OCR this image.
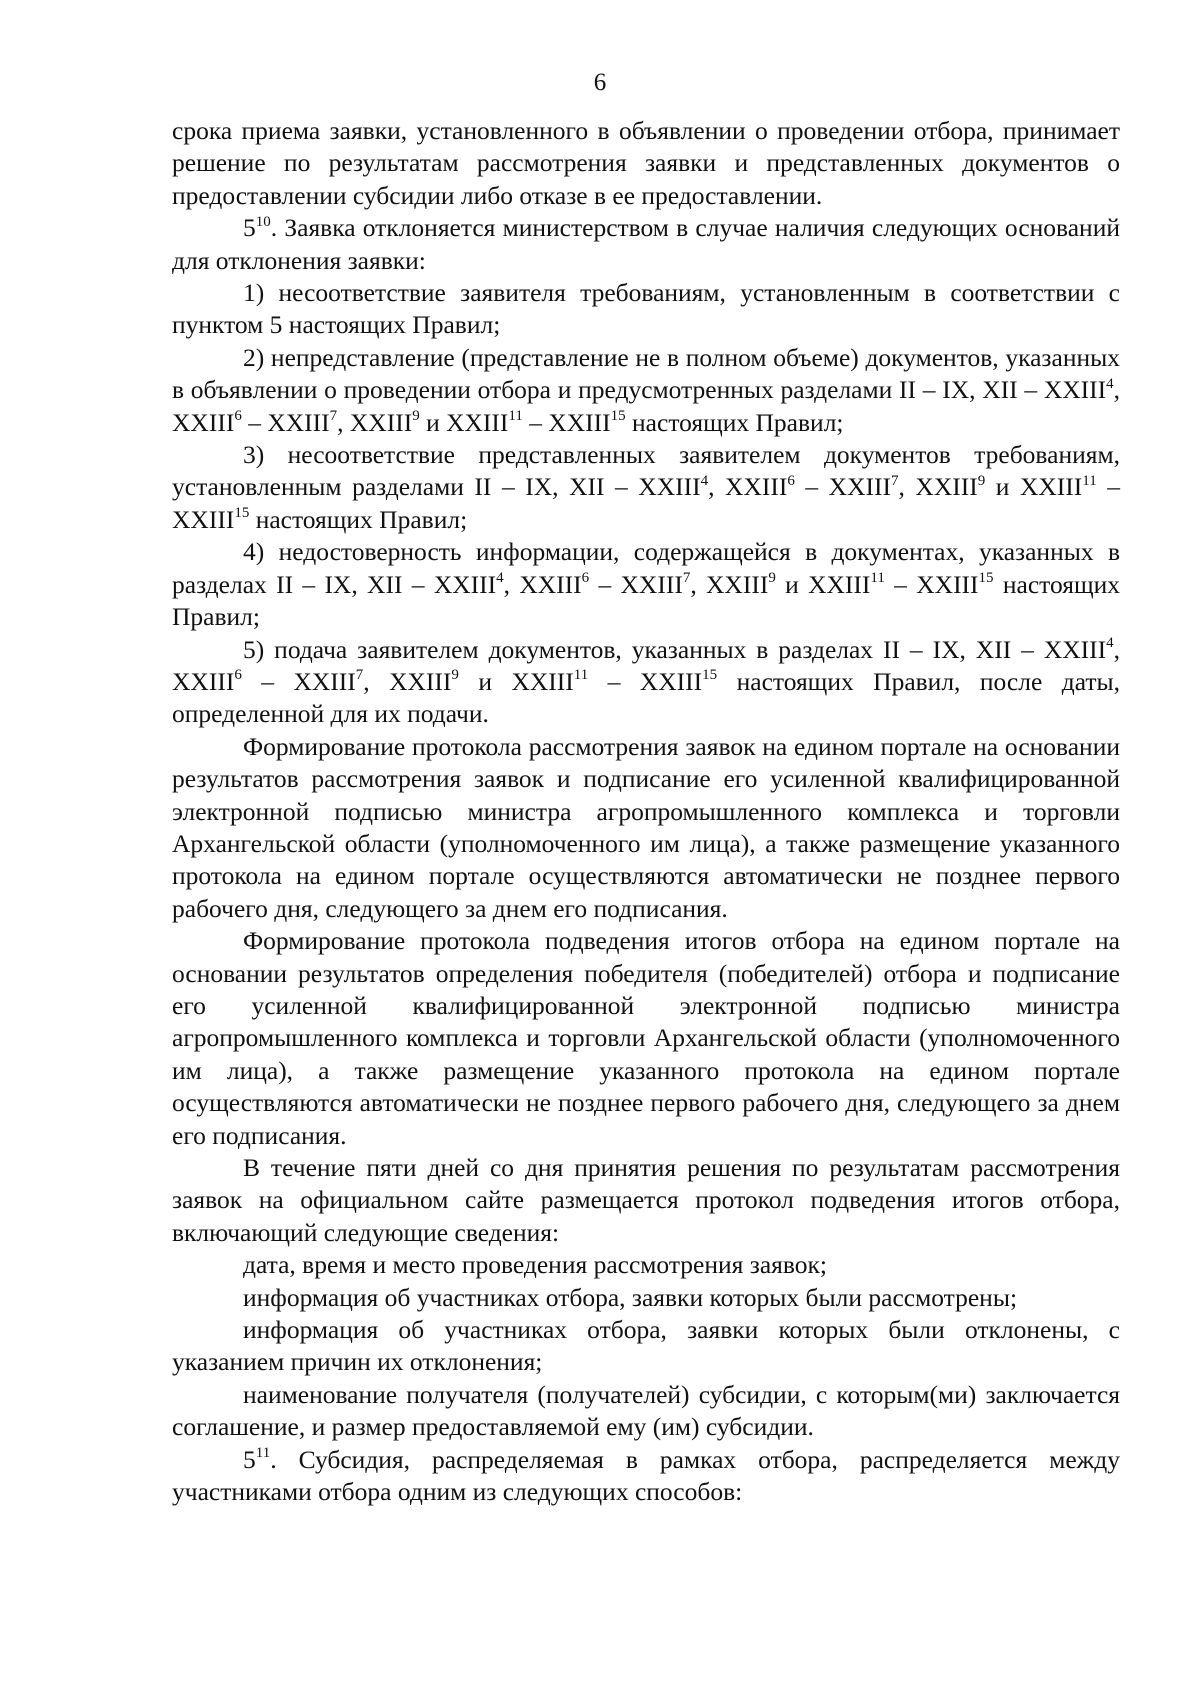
6

срока приема заявки, установленного в объявлении о проведении отбора, принимает решение по результатам рассмотрения заявки и представленных документов о предоставлении субсидии либо отказе в ее предоставлении.

$5^{10}$. Заявка отклоняется министерством в случае наличия следующих оснований для отклонения заявки:

1) несоответствие заявителя требованиям, установленным в соответствии с пунктом 5 настоящих Правил;

2) непредставление (представление не в полном объеме) документов, указанных в объявлении о проведении отбора и предусмотренных разделами II – IX, XII – XXIII$^4$, XXIII$^6$ – XXIII$^7$, XXIII$^9$ и XXIII$^{11}$ – XXIII$^{15}$ настоящих Правил;

3) несоответствие представленных заявителем документов требованиям, установленным разделами II – IX, XII – XXIII$^4$, XXIII$^6$ – XXIII$^7$, XXIII$^9$ и XXIII$^{11}$ – XXIII$^{15}$ настоящих Правил;

4) недостоверность информации, содержащейся в документах, указанных в разделах II – IX, XII – XXIII$^4$, XXIII$^6$ – XXIII$^7$, XXIII$^9$ и XXIII$^{11}$ – XXIII$^{15}$ настоящих Правил;

5) подача заявителем документов, указанных в разделах II – IX, XII – XXIII$^4$, XXIII$^6$ – XXIII$^7$, XXIII$^9$ и XXIII$^{11}$ – XXIII$^{15}$ настоящих Правил, после даты, определенной для их подачи.

Формирование протокола рассмотрения заявок на едином портале на основании результатов рассмотрения заявок и подписание его усиленной квалифицированной электронной подписью министра агропромышленного комплекса и торговли Архангельской области (уполномоченного им лица), а также размещение указанного протокола на едином портале осуществляются автоматически не позднее первого рабочего дня, следующего за днем его подписания.

Формирование протокола подведения итогов отбора на едином портале на основании результатов определения победителя (победителей) отбора и подписание его усиленной квалифицированной электронной подписью министра агропромышленного комплекса и торговли Архангельской области (уполномоченного им лица), а также размещение указанного протокола на едином портале осуществляются автоматически не позднее первого рабочего дня, следующего за днем его подписания.

В течение пяти дней со дня принятия решения по результатам рассмотрения заявок на официальном сайте размещается протокол подведения итогов отбора, включающий следующие сведения:

дата, время и место проведения рассмотрения заявок;

информация об участниках отбора, заявки которых были рассмотрены;

информация об участниках отбора, заявки которых были отклонены, с указанием причин их отклонения;

наименование получателя (получателей) субсидии, с которым(ми) заключается соглашение, и размер предоставляемой ему (им) субсидии.

$5^{11}$. Субсидия, распределяемая в рамках отбора, распределяется между участниками отбора одним из следующих способов:
